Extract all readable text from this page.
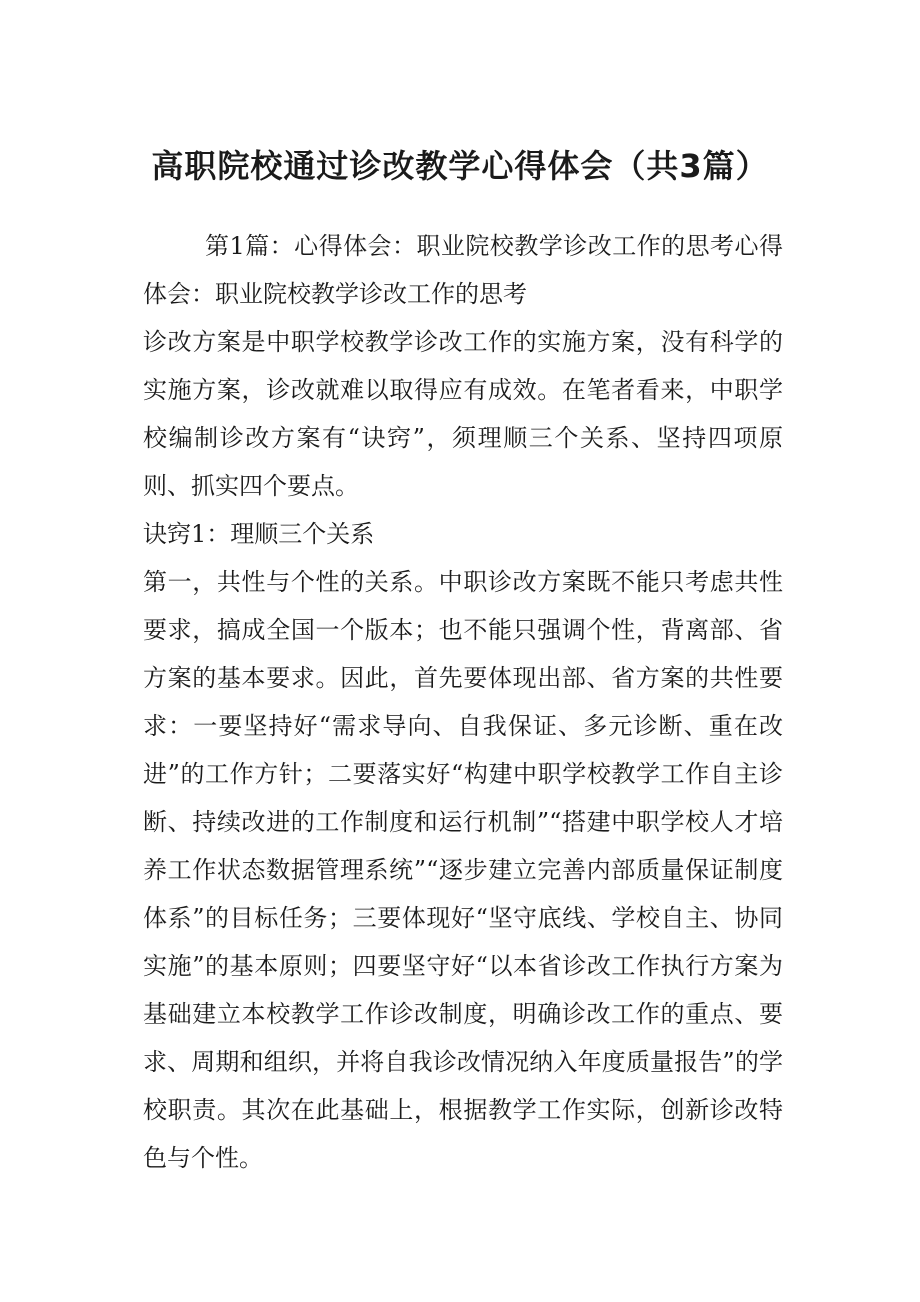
高职院校通过诊改教学心得体会（共3篇）

第1篇：心得体会：职业院校教学诊改工作的思考心得体会：职业院校教学诊改工作的思考

诊改方案是中职学校教学诊改工作的实施方案，没有科学的实施方案，诊改就难以取得应有成效。在笔者看来，中职学校编制诊改方案有“诀窍”，须理顺三个关系、坚持四项原则、抓实四个要点。

诀窍1：理顺三个关系

第一，共性与个性的关系。中职诊改方案既不能只考虑共性要求，搞成全国一个版本；也不能只强调个性，背离部、省方案的基本要求。因此，首先要体现出部、省方案的共性要求：一要坚持好“需求导向、自我保证、多元诊断、重在改进”的工作方针；二要落实好“构建中职学校教学工作自主诊断、持续改进的工作制度和运行机制”“搭建中职学校人才培养工作状态数据管理系统”“逐步建立完善内部质量保证制度体系”的目标任务；三要体现好“坚守底线、学校自主、协同实施”的基本原则；四要坚守好“以本省诊改工作执行方案为基础建立本校教学工作诊改制度，明确诊改工作的重点、要求、周期和组织，并将自我诊改情况纳入年度质量报告”的学校职责。其次在此基础上，根据教学工作实际，创新诊改特色与个性。
